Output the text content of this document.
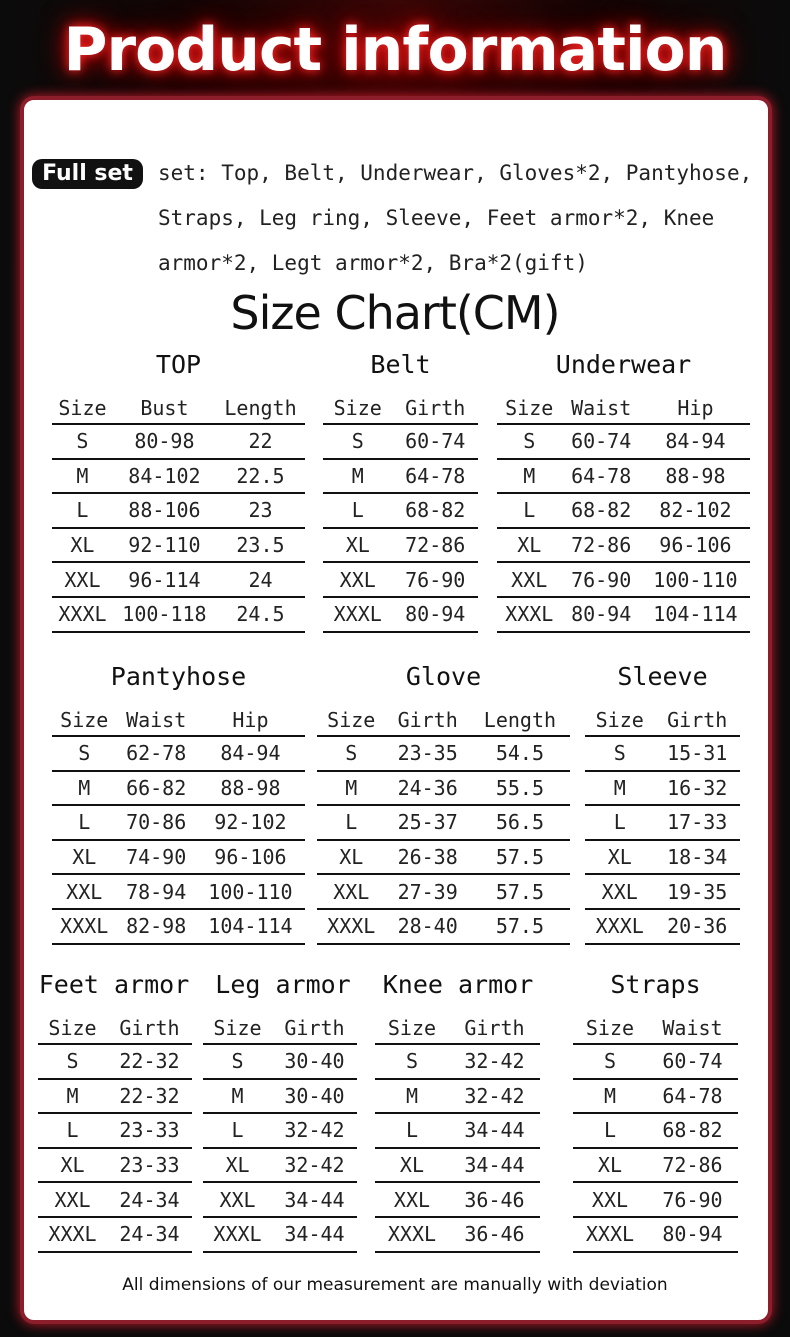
Product information
Full set	set: Top, Belt, Underwear, Gloves*2, Pantyhose,
Straps, Leg ring, Sleeve, Feet armor*2, Knee
armor*2, Legt armor*2, Bra*2(gift)
Size Chart(CM)
TOP	Belt	Underwear
Size	Bust	Length
S	80-98	22
M	84-102	22.5
L	88-106	23
XL	92-110	23.5
XXL	96-114	24
XXXL	100-118	24.5
Size	Girth
S	60-74
M	64-78
L	68-82
XL	72-86
XXL	76-90
XXXL	80-94
Size	Waist	Hip
S	60-74	84-94
M	64-78	88-98
L	68-82	82-102
XL	72-86	96-106
XXL	76-90	100-110
XXXL	80-94	104-114
Pantyhose	Glove	Sleeve
Size	Waist	Hip
S	62-78	84-94
M	66-82	88-98
L	70-86	92-102
XL	74-90	96-106
XXL	78-94	100-110
XXXL	82-98	104-114
Size	Girth	Length
S	23-35	54.5
M	24-36	55.5
L	25-37	56.5
XL	26-38	57.5
XXL	27-39	57.5
XXXL	28-40	57.5
Size	Girth
S	15-31
M	16-32
L	17-33
XL	18-34
XXL	19-35
XXXL	20-36
Feet armor	Leg armor	Knee armor	Straps
Size	Girth
S	22-32
M	22-32
L	23-33
XL	23-33
XXL	24-34
XXXL	24-34
Size	Girth
S	30-40
M	30-40
L	32-42
XL	32-42
XXL	34-44
XXXL	34-44
Size	Girth
S	32-42
M	32-42
L	34-44
XL	34-44
XXL	36-46
XXXL	36-46
Size	Waist
S	60-74
M	64-78
L	68-82
XL	72-86
XXL	76-90
XXXL	80-94
All dimensions of our measurement are manually with deviation
